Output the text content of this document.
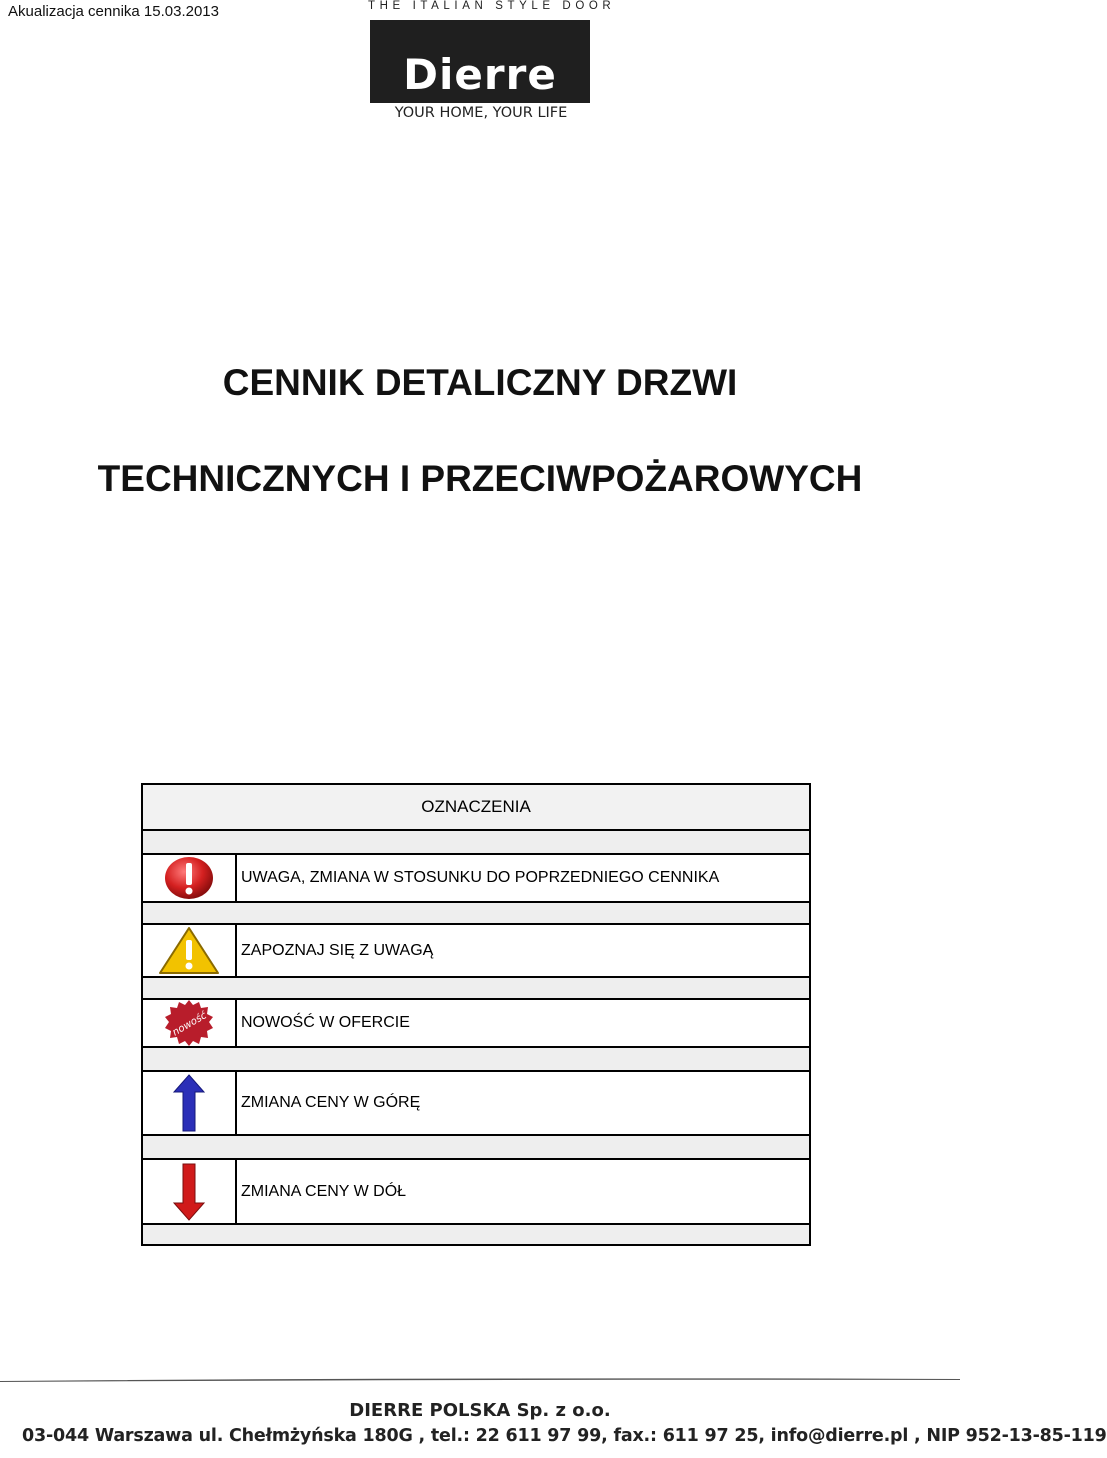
Akualizacja cennika 15.03.2013	THE ITALIAN STYLE DOOR
Dierre
YOUR HOME, YOUR LIFE
CENNIK DETALICZNY DRZWI
TECHNICZNYCH I PRZECIWPOŻAROWYCH
OZNACZENIA
UWAGA, ZMIANA W STOSUNKU DO POPRZEDNIEGO CENNIKA
ZAPOZNAJ SIĘ Z UWAGĄ
nowość NOWOŚĆ W OFERCIE
ZMIANA CENY W GÓRĘ
ZMIANA CENY W DÓŁ
DIERRE POLSKA Sp. z o.o.
03-044 Warszawa ul. Chełmżyńska 180G , tel.: 22 611 97 99, fax.: 611 97 25, info@dierre.pl , NIP 952-13-85-119
